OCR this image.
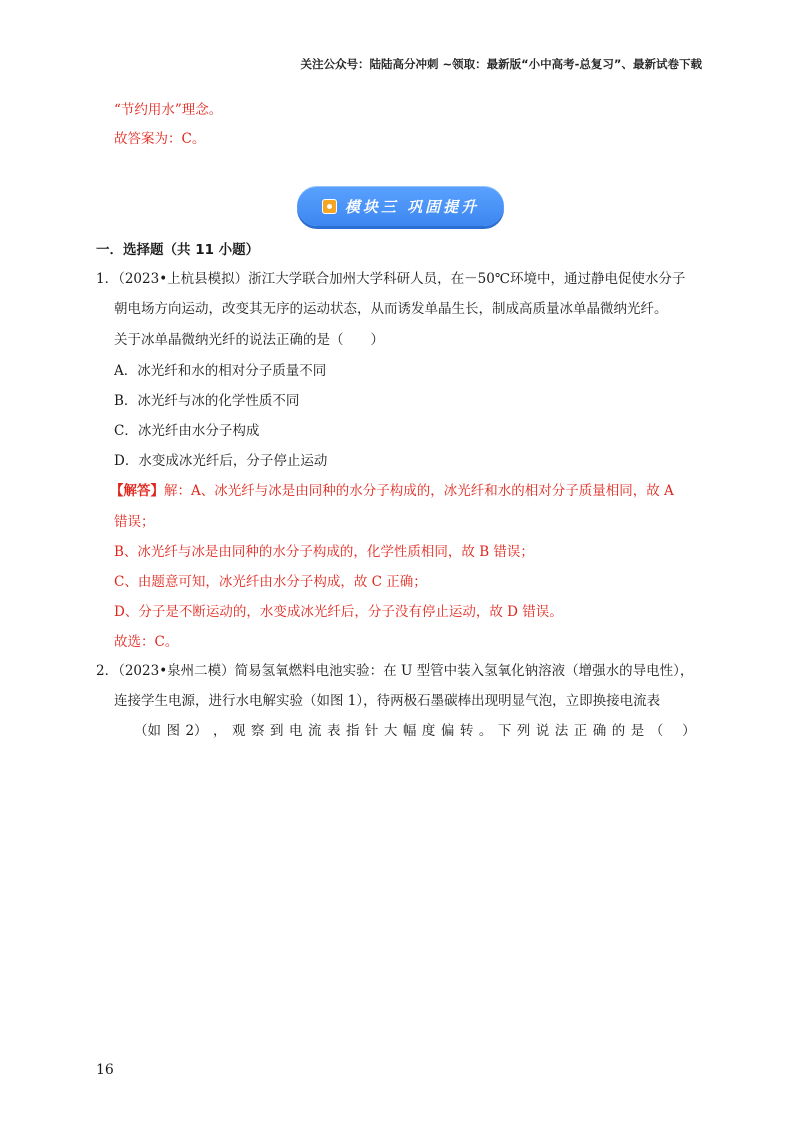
关注公众号：陆陆高分冲刺 ~领取：最新版“小中高考-总复习”、最新试卷下载
“节约用水”理念。
故答案为：C。
模块三 巩固提升
一．选择题（共 11 小题）
1．（2023•上杭县模拟）浙江大学联合加州大学科研人员，在－50℃环境中，通过静电促使水分子
朝电场方向运动，改变其无序的运动状态，从而诱发单晶生长，制成高质量冰单晶微纳光纤。
关于冰单晶微纳光纤的说法正确的是（　　）
A．冰光纤和水的相对分子质量不同
B．冰光纤与冰的化学性质不同
C．冰光纤由水分子构成
D．水变成冰光纤后，分子停止运动
【解答】解：A、冰光纤与冰是由同种的水分子构成的，冰光纤和水的相对分子质量相同，故 A
错误；
B、冰光纤与冰是由同种的水分子构成的，化学性质相同，故 B 错误；
C、由题意可知，冰光纤由水分子构成，故 C 正确；
D、分子是不断运动的，水变成冰光纤后，分子没有停止运动，故 D 错误。
故选：C。
2．（2023•泉州二模）简易氢氧燃料电池实验：在 U 型管中装入氢氧化钠溶液（增强水的导电性），
连接学生电源，进行水电解实验（如图 1），待两极石墨碳棒出现明显气泡，立即换接电流表
（如 图 2） ， 观 察 到 电 流 表 指 针 大 幅 度 偏 转 。 下 列 说 法 正 确 的 是 （ 　）
16
